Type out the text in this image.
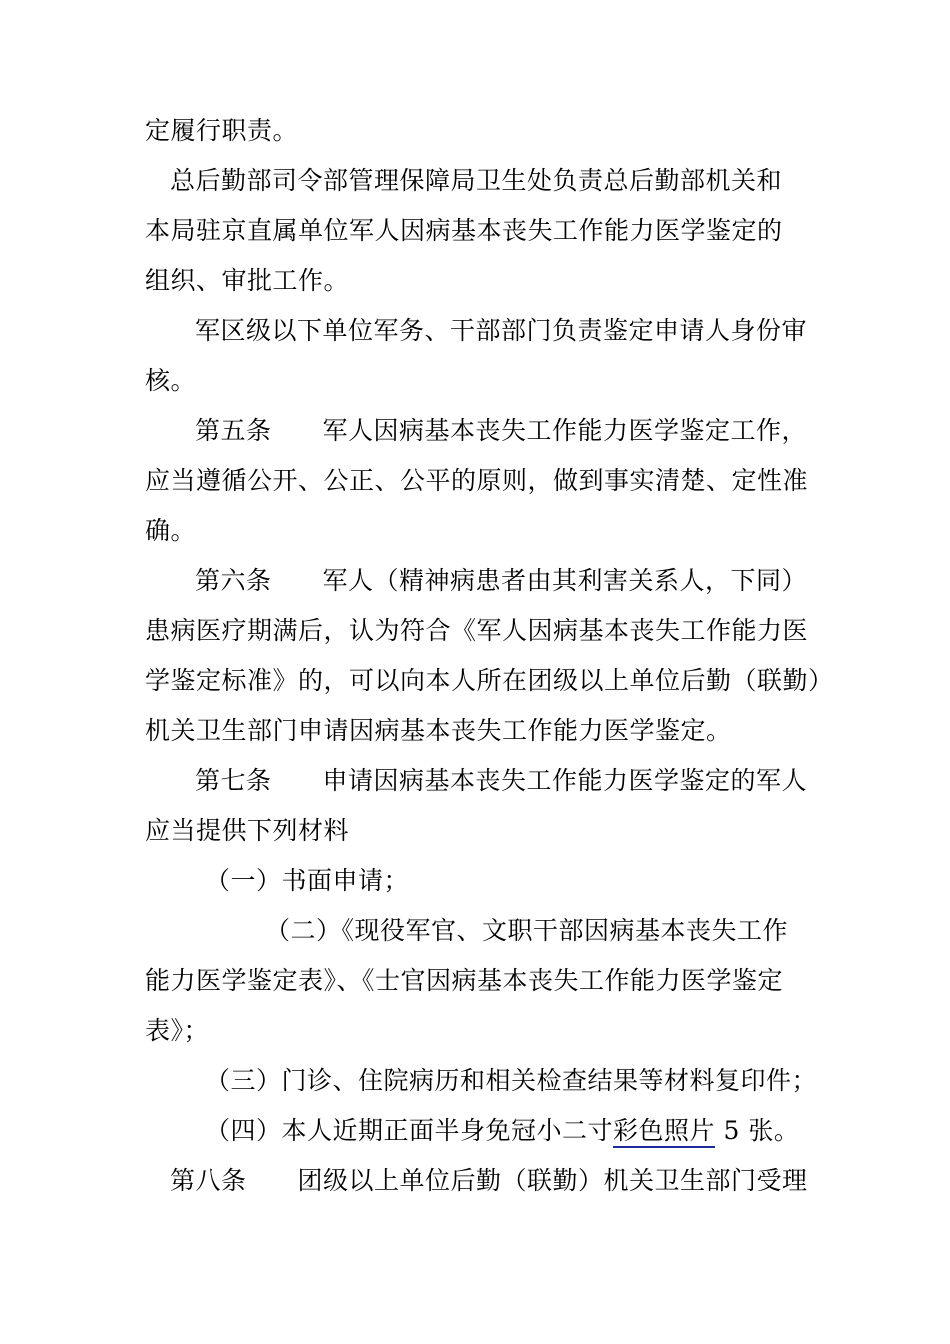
定履行职责。
总后勤部司令部管理保障局卫生处负责总后勤部机关和
本局驻京直属单位军人因病基本丧失工作能力医学鉴定的
组织、审批工作。
军区级以下单位军务、干部部门负责鉴定申请人身份审
核。
第五条　　军人因病基本丧失工作能力医学鉴定工作，
应当遵循公开、公正、公平的原则，做到事实清楚、定性准
确。
第六条　　军人（精神病患者由其利害关系人，下同）
患病医疗期满后，认为符合《军人因病基本丧失工作能力医
学鉴定标准》的，可以向本人所在团级以上单位后勤（联勤）
机关卫生部门申请因病基本丧失工作能力医学鉴定。
第七条　　申请因病基本丧失工作能力医学鉴定的军人
应当提供下列材料
（一）书面申请；
（二）《现役军官、文职干部因病基本丧失工作
能力医学鉴定表》、《士官因病基本丧失工作能力医学鉴定
表》；
（三）门诊、住院病历和相关检查结果等材料复印件；
（四）本人近期正面半身免冠小二寸彩色照片 5 张。
第八条　　团级以上单位后勤（联勤）机关卫生部门受理
